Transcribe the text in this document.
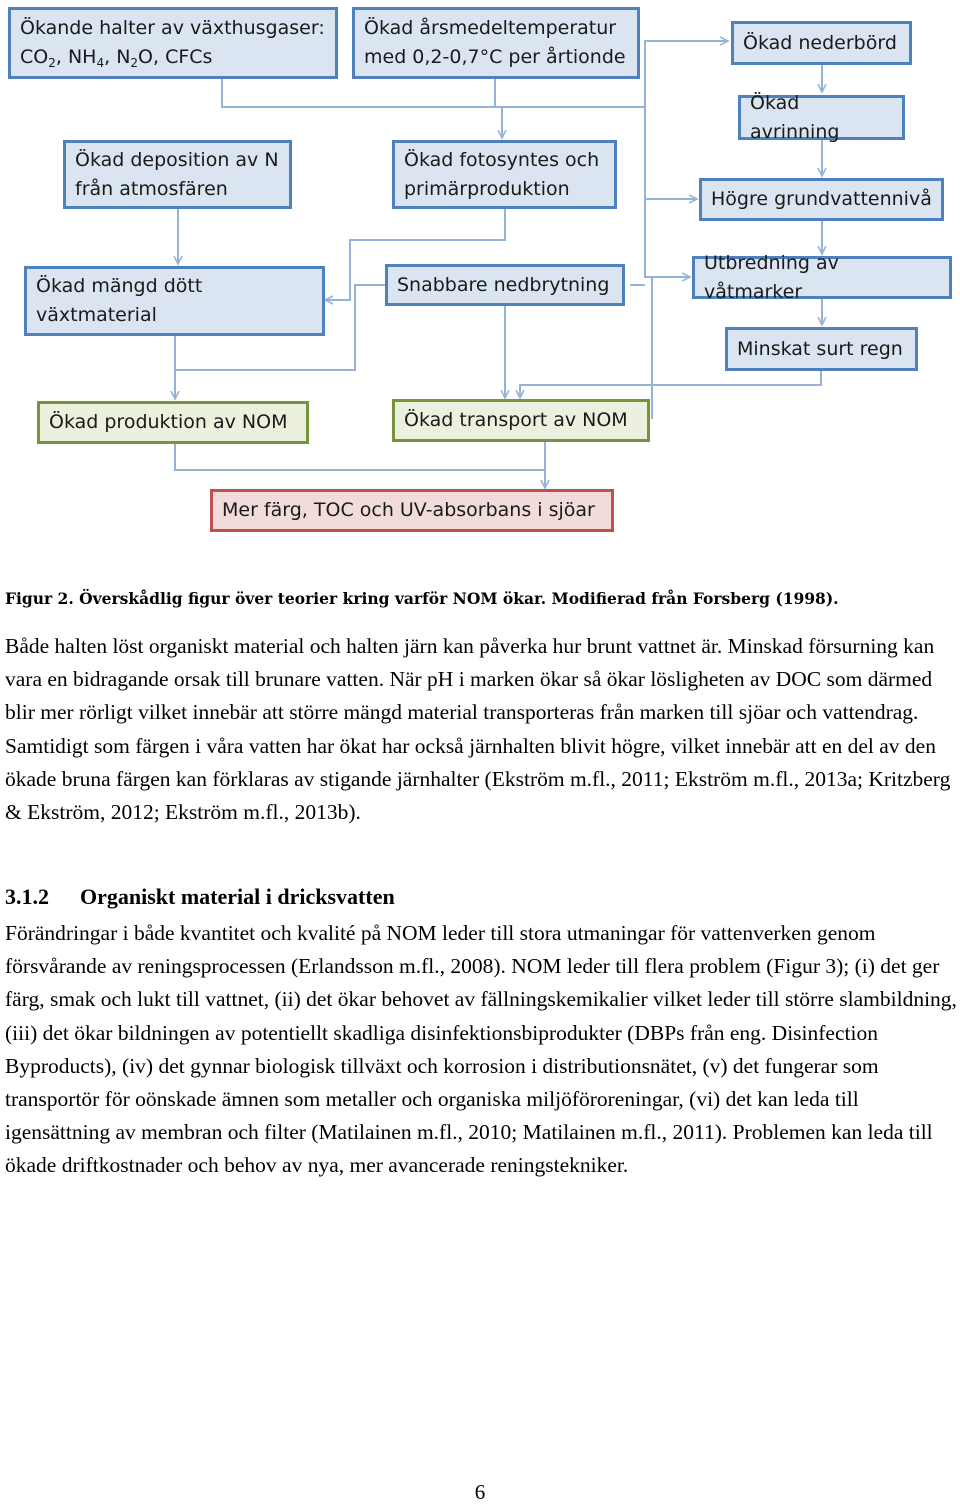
Ökande halter av växthusgaser:
$CO_2$, $NH_4$, $N_2O$, CFCs
Ökad årsmedeltemperatur
med 0,2-0,7°C per årtionde
Ökad nederbörd
Ökad avrinning
Ökad deposition av N
från atmosfären
Ökad fotosyntes och
primärproduktion	Högre grundvattennivå
Ökad mängd dött
växtmaterial
Snabbare nedbrytning
Utbredning av våtmarker
Minskat surt regn
Ökad produktion av NOM	Ökad transport av NOM
Mer färg, TOC och UV-absorbans i sjöar
Figur 2. Överskådlig figur över teorier kring varför NOM ökar. Modifierad från Forsberg (1998).

Både halten löst organiskt material och halten järn kan påverka hur brunt vattnet är. Minskad försurning kan vara en bidragande orsak till brunare vatten. När pH i marken ökar så ökar lösligheten av DOC som därmed blir mer rörligt vilket innebär att större mängd material transporteras från marken till sjöar och vattendrag. Samtidigt som färgen i våra vatten har ökat har också järnhalten blivit högre, vilket innebär att en del av den ökade bruna färgen kan förklaras av stigande järnhalter (Ekström m.fl., 2011; Ekström m.fl., 2013a; Kritzberg & Ekström, 2012; Ekström m.fl., 2013b).

3.1.2 Organiskt material i dricksvatten

Förändringar i både kvantitet och kvalité på NOM leder till stora utmaningar för vattenverken genom försvårande av reningsprocessen (Erlandsson m.fl., 2008). NOM leder till flera problem (Figur 3); (i) det ger färg, smak och lukt till vattnet, (ii) det ökar behovet av fällningskemikalier vilket leder till större slambildning, (iii) det ökar bildningen av potentiellt skadliga disinfektionsbiprodukter (DBPs från eng. Disinfection Byproducts), (iv) det gynnar biologisk tillväxt och korrosion i distributionsnätet, (v) det fungerar som transportör för oönskade ämnen som metaller och organiska miljöföroreningar, (vi) det kan leda till igensättning av membran och filter (Matilainen m.fl., 2010; Matilainen m.fl., 2011). Problemen kan leda till ökade driftkostnader och behov av nya, mer avancerade reningstekniker.

6
